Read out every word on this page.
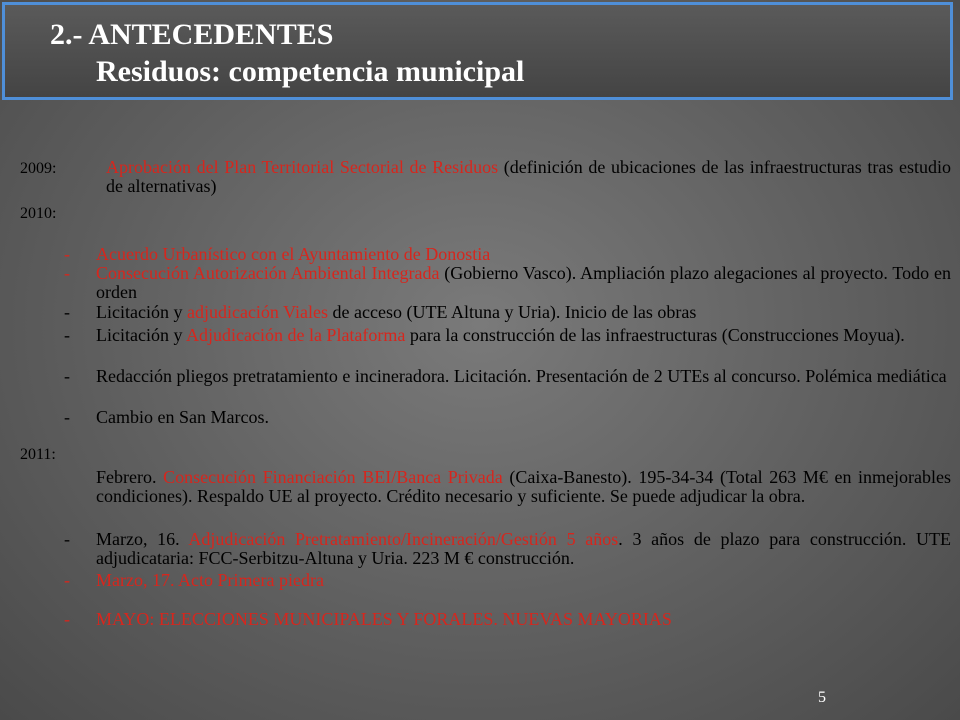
2.- ANTECEDENTES
Residuos: competencia municipal
2009:	Aprobación del Plan Territorial Sectorial de Residuos (definición de ubicaciones de las infraestructuras tras estudio de alternativas)
2010:
- Acuerdo Urbanístico con el Ayuntamiento de Donostia
- Consecución Autorización Ambiental Integrada (Gobierno Vasco). Ampliación plazo alegaciones al proyecto. Todo en orden
- Licitación y adjudicación Viales de acceso (UTE Altuna y Uria). Inicio de las obras
- Licitación y Adjudicación de la Plataforma para la construcción de las infraestructuras (Construcciones Moyua).
- Redacción pliegos pretratamiento e incineradora. Licitación. Presentación de 2 UTEs al concurso. Polémica mediática
- Cambio en San Marcos.
2011:
Febrero. Consecución Financiación BEI/Banca Privada (Caixa-Banesto). 195-34-34 (Total 263 M€ en inmejorables condiciones). Respaldo UE al proyecto. Crédito necesario y suficiente. Se puede adjudicar la obra.
- Marzo, 16. Adjudicación Pretratamiento/Incineración/Gestión 5 años. 3 años de plazo para construcción. UTE adjudicataria: FCC-Serbitzu-Altuna y Uria. 223 M € construcción.
- Marzo, 17. Acto Primera piedra
- MAYO: ELECCIONES MUNICIPALES Y FORALES. NUEVAS MAYORIAS
5
